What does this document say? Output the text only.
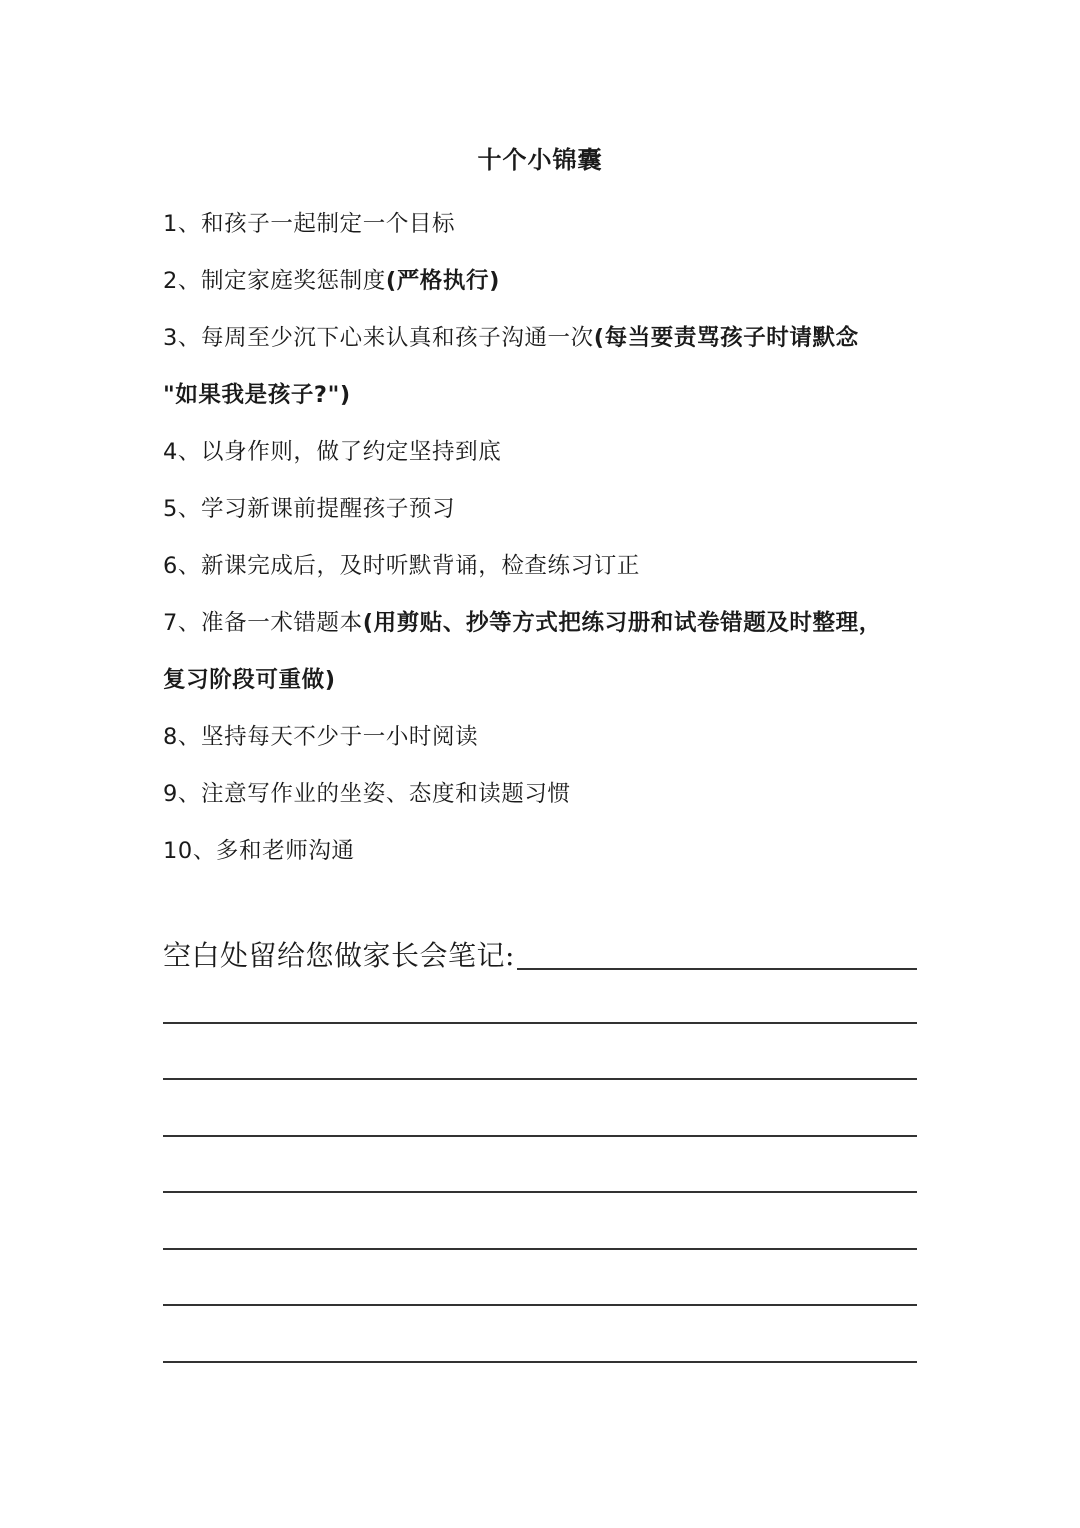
十个小锦囊
1、和孩子一起制定一个目标
2、制定家庭奖惩制度(严格执行)
3、每周至少沉下心来认真和孩子沟通一次(每当要责骂孩子时请默念
"如果我是孩子?")
4、以身作则，做了约定坚持到底
5、学习新课前提醒孩子预习
6、新课完成后，及时听默背诵，检查练习订正
7、准备一术错题本(用剪贴、抄等方式把练习册和试卷错题及时整理，
复习阶段可重做)
8、坚持每天不少于一小时阅读
9、注意写作业的坐姿、态度和读题习惯
10、多和老师沟通
空白处留给您做家长会笔记:
